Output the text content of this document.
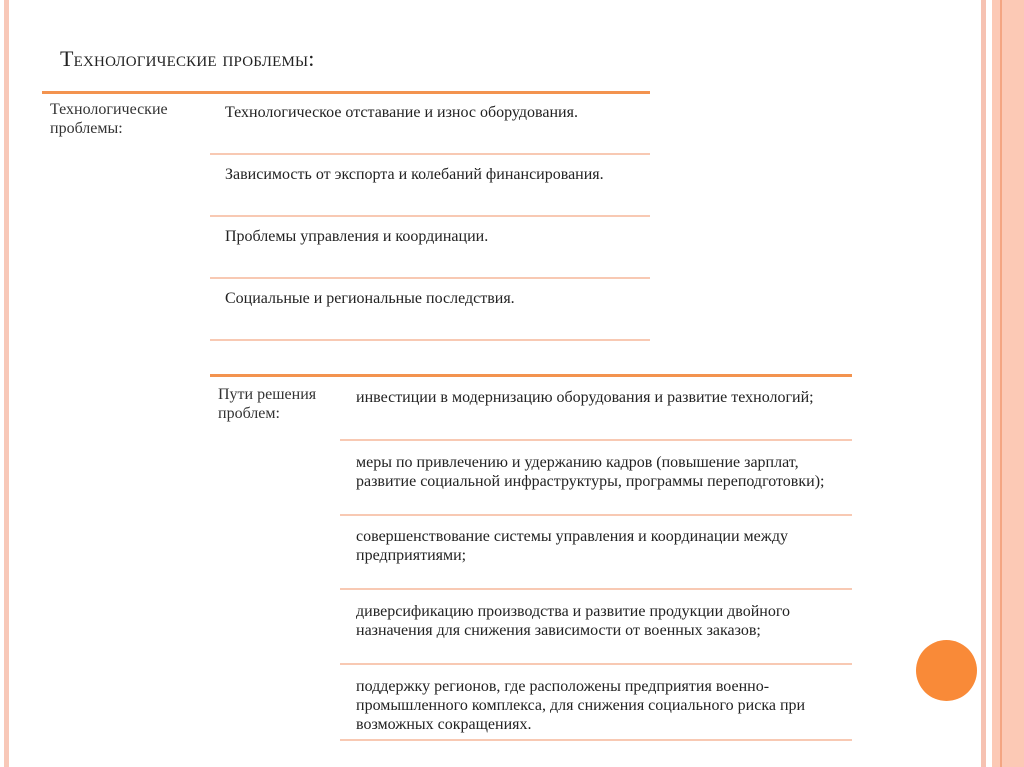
Технологические проблемы:
Технологические проблемы:
Технологическое отставание и износ оборудования.
Зависимость от экспорта и колебаний финансирования.
Проблемы управления и координации.
Социальные и региональные последствия.
Пути решения проблем:
инвестиции в модернизацию оборудования и развитие технологий;
меры по привлечению и удержанию кадров (повышение зарплат, развитие социальной инфраструктуры, программы переподготовки);
совершенствование системы управления и координации между предприятиями;
диверсификацию производства и развитие продукции двойного назначения для снижения зависимости от военных заказов;
поддержку регионов, где расположены предприятия военно-промышленного комплекса, для снижения социального риска при возможных сокращениях.
